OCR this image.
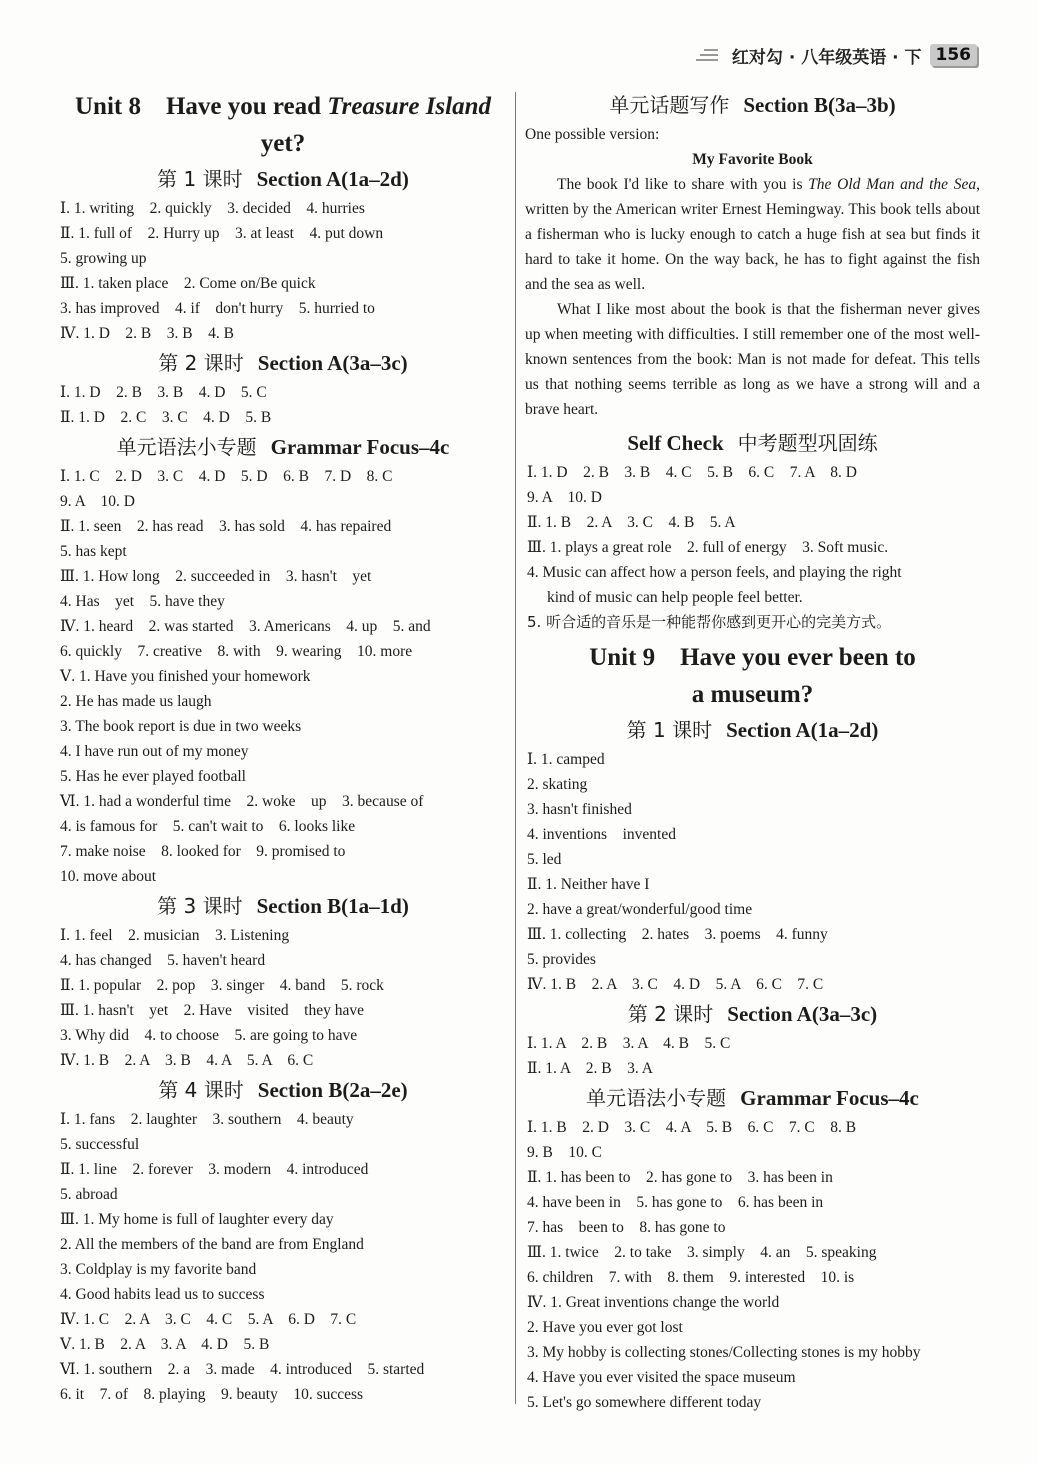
红对勾 · 八年级英语 · 下 156
Unit 8　Have you read Treasure Island
yet?
第 1 课时 Section A(1a–2d)
Ⅰ. 1. writing　2. quickly　3. decided　4. hurries
Ⅱ. 1. full of　2. Hurry up　3. at least　4. put down
5. growing up
Ⅲ. 1. taken place　2. Come on/Be quick
3. has improved　4. if　don't hurry　5. hurried to
Ⅳ. 1. D　2. B　3. B　4. B
第 2 课时 Section A(3a–3c)
Ⅰ. 1. D　2. B　3. B　4. D　5. C
Ⅱ. 1. D　2. C　3. C　4. D　5. B
单元语法小专题 Grammar Focus–4c
Ⅰ. 1. C　2. D　3. C　4. D　5. D　6. B　7. D　8. C
9. A　10. D
Ⅱ. 1. seen　2. has read　3. has sold　4. has repaired
5. has kept
Ⅲ. 1. How long　2. succeeded in　3. hasn't　yet
4. Has　yet　5. have they
Ⅳ. 1. heard　2. was started　3. Americans　4. up　5. and
6. quickly　7. creative　8. with　9. wearing　10. more
Ⅴ. 1. Have you finished your homework
2. He has made us laugh
3. The book report is due in two weeks
4. I have run out of my money
5. Has he ever played football
Ⅵ. 1. had a wonderful time　2. woke　up　3. because of
4. is famous for　5. can't wait to　6. looks like
7. make noise　8. looked for　9. promised to
10. move about
第 3 课时 Section B(1a–1d)
Ⅰ. 1. feel　2. musician　3. Listening
4. has changed　5. haven't heard
Ⅱ. 1. popular　2. pop　3. singer　4. band　5. rock
Ⅲ. 1. hasn't　yet　2. Have　visited　they have
3. Why did　4. to choose　5. are going to have
Ⅳ. 1. B　2. A　3. B　4. A　5. A　6. C
第 4 课时 Section B(2a–2e)
Ⅰ. 1. fans　2. laughter　3. southern　4. beauty
5. successful
Ⅱ. 1. line　2. forever　3. modern　4. introduced
5. abroad
Ⅲ. 1. My home is full of laughter every day
2. All the members of the band are from England
3. Coldplay is my favorite band
4. Good habits lead us to success
Ⅳ. 1. C　2. A　3. C　4. C　5. A　6. D　7. C
Ⅴ. 1. B　2. A　3. A　4. D　5. B
Ⅵ. 1. southern　2. a　3. made　4. introduced　5. started
6. it　7. of　8. playing　9. beauty　10. success
单元话题写作 Section B(3a–3b)
One possible version:
My Favorite Book

The book I'd like to share with you is The Old Man and the Sea, written by the American writer Ernest Hemingway. This book tells about a fisherman who is lucky enough to catch a huge fish at sea but finds it hard to take it home. On the way back, he has to fight against the fish and the sea as well.

What I like most about the book is that the fisherman never gives up when meeting with difficulties. I still remember one of the most well-known sentences from the book: Man is not made for defeat. This tells us that nothing seems terrible as long as we have a strong will and a brave heart.

Self Check 中考题型巩固练
Ⅰ. 1. D　2. B　3. B　4. C　5. B　6. C　7. A　8. D
9. A　10. D
Ⅱ. 1. B　2. A　3. C　4. B　5. A
Ⅲ. 1. plays a great role　2. full of energy　3. Soft music.
4. Music can affect how a person feels, and playing the right
kind of music can help people feel better.
5. 听合适的音乐是一种能帮你感到更开心的完美方式。
Unit 9　Have you ever been to
a museum?
第 1 课时 Section A(1a–2d)
Ⅰ. 1. camped
2. skating
3. hasn't finished
4. inventions　invented
5. led
Ⅱ. 1. Neither have I
2. have a great/wonderful/good time
Ⅲ. 1. collecting　2. hates　3. poems　4. funny
5. provides
Ⅳ. 1. B　2. A　3. C　4. D　5. A　6. C　7. C
第 2 课时 Section A(3a–3c)
Ⅰ. 1. A　2. B　3. A　4. B　5. C
Ⅱ. 1. A　2. B　3. A
单元语法小专题 Grammar Focus–4c
Ⅰ. 1. B　2. D　3. C　4. A　5. B　6. C　7. C　8. B
9. B　10. C
Ⅱ. 1. has been to　2. has gone to　3. has been in
4. have been in　5. has gone to　6. has been in
7. has　been to　8. has gone to
Ⅲ. 1. twice　2. to take　3. simply　4. an　5. speaking
6. children　7. with　8. them　9. interested　10. is
Ⅳ. 1. Great inventions change the world
2. Have you ever got lost
3. My hobby is collecting stones/Collecting stones is my hobby
4. Have you ever visited the space museum
5. Let's go somewhere different today
